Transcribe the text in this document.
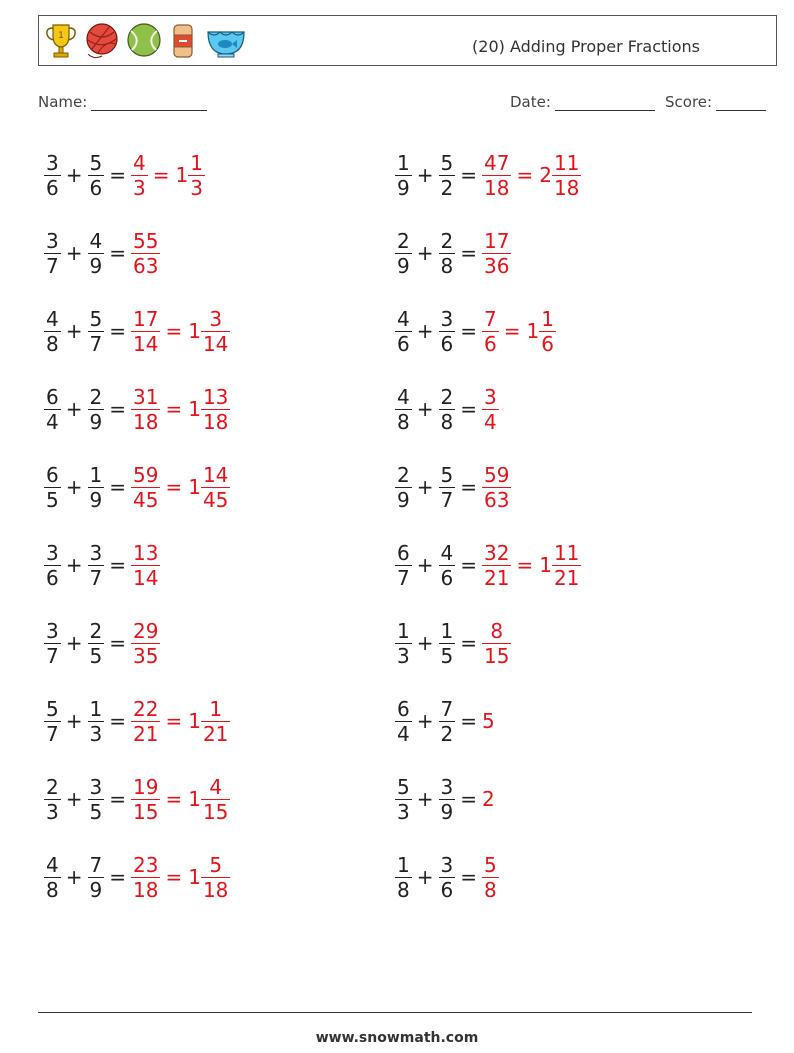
1
(20) Adding Proper Fractions
Name:	Date:	Score:
$\frac{3}{6} + \frac{5}{6} = \frac{4}{3} = 1 \frac{1}{3}$
$\frac{3}{7} + \frac{4}{9} = \frac{55}{63}$
$\frac{4}{8} + \frac{5}{7} = \frac{17}{14} = 1 \frac{3}{14}$
$\frac{6}{4} + \frac{2}{9} = \frac{31}{18} = 1 \frac{13}{18}$
$\frac{6}{5} + \frac{1}{9} = \frac{59}{45} = 1 \frac{14}{45}$
$\frac{3}{6} + \frac{3}{7} = \frac{13}{14}$
$\frac{3}{7} + \frac{2}{5} = \frac{29}{35}$
$\frac{5}{7} + \frac{1}{3} = \frac{22}{21} = 1 \frac{1}{21}$
$\frac{2}{3} + \frac{3}{5} = \frac{19}{15} = 1 \frac{4}{15}$
$\frac{4}{8} + \frac{7}{9} = \frac{23}{18} = 1 \frac{5}{18}$
$\frac{1}{9} + \frac{5}{2} = \frac{47}{18} = 2 \frac{11}{18}$
$\frac{2}{9} + \frac{2}{8} = \frac{17}{36}$
$\frac{4}{6} + \frac{3}{6} = \frac{7}{6} = 1 \frac{1}{6}$
$\frac{4}{8} + \frac{2}{8} = \frac{3}{4}$
$\frac{2}{9} + \frac{5}{7} = \frac{59}{63}$
$\frac{6}{7} + \frac{4}{6} = \frac{32}{21} = 1 \frac{11}{21}$
$\frac{1}{3} + \frac{1}{5} = \frac{8}{15}$
$\frac{6}{4} + \frac{7}{2} = 5$
$\frac{5}{3} + \frac{3}{9} = 2$
$\frac{1}{8} + \frac{3}{6} = \frac{5}{8}$
www.snowmath.com
